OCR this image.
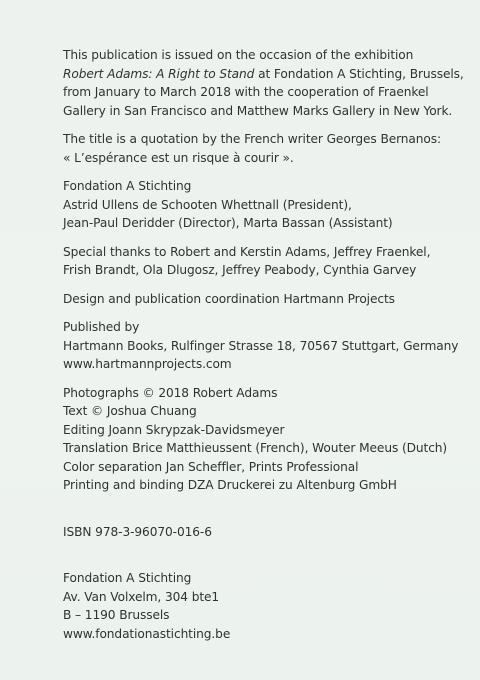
This publication is issued on the occasion of the exhibition
Robert Adams: A Right to Stand at Fondation A Stichting, Brussels,
from January to March 2018 with the cooperation of Fraenkel
Gallery in San Francisco and Matthew Marks Gallery in New York.
The title is a quotation by the French writer Georges Bernanos:
« L’espérance est un risque à courir ».
Fondation A Stichting
Astrid Ullens de Schooten Whettnall (President),
Jean-Paul Deridder (Director), Marta Bassan (Assistant)
Special thanks to Robert and Kerstin Adams, Jeffrey Fraenkel,
Frish Brandt, Ola Dlugosz, Jeffrey Peabody, Cynthia Garvey
Design and publication coordination Hartmann Projects
Published by
Hartmann Books, Rulfinger Strasse 18, 70567 Stuttgart, Germany
www.hartmannprojects.com
Photographs © 2018 Robert Adams
Text © Joshua Chuang
Editing Joann Skrypzak-Davidsmeyer
Translation Brice Matthieussent (French), Wouter Meeus (Dutch)
Color separation Jan Scheffler, Prints Professional
Printing and binding DZA Druckerei zu Altenburg GmbH
ISBN 978-3-96070-016-6
Fondation A Stichting
Av. Van Volxelm, 304 bte1
B – 1190 Brussels
www.fondationastichting.be
